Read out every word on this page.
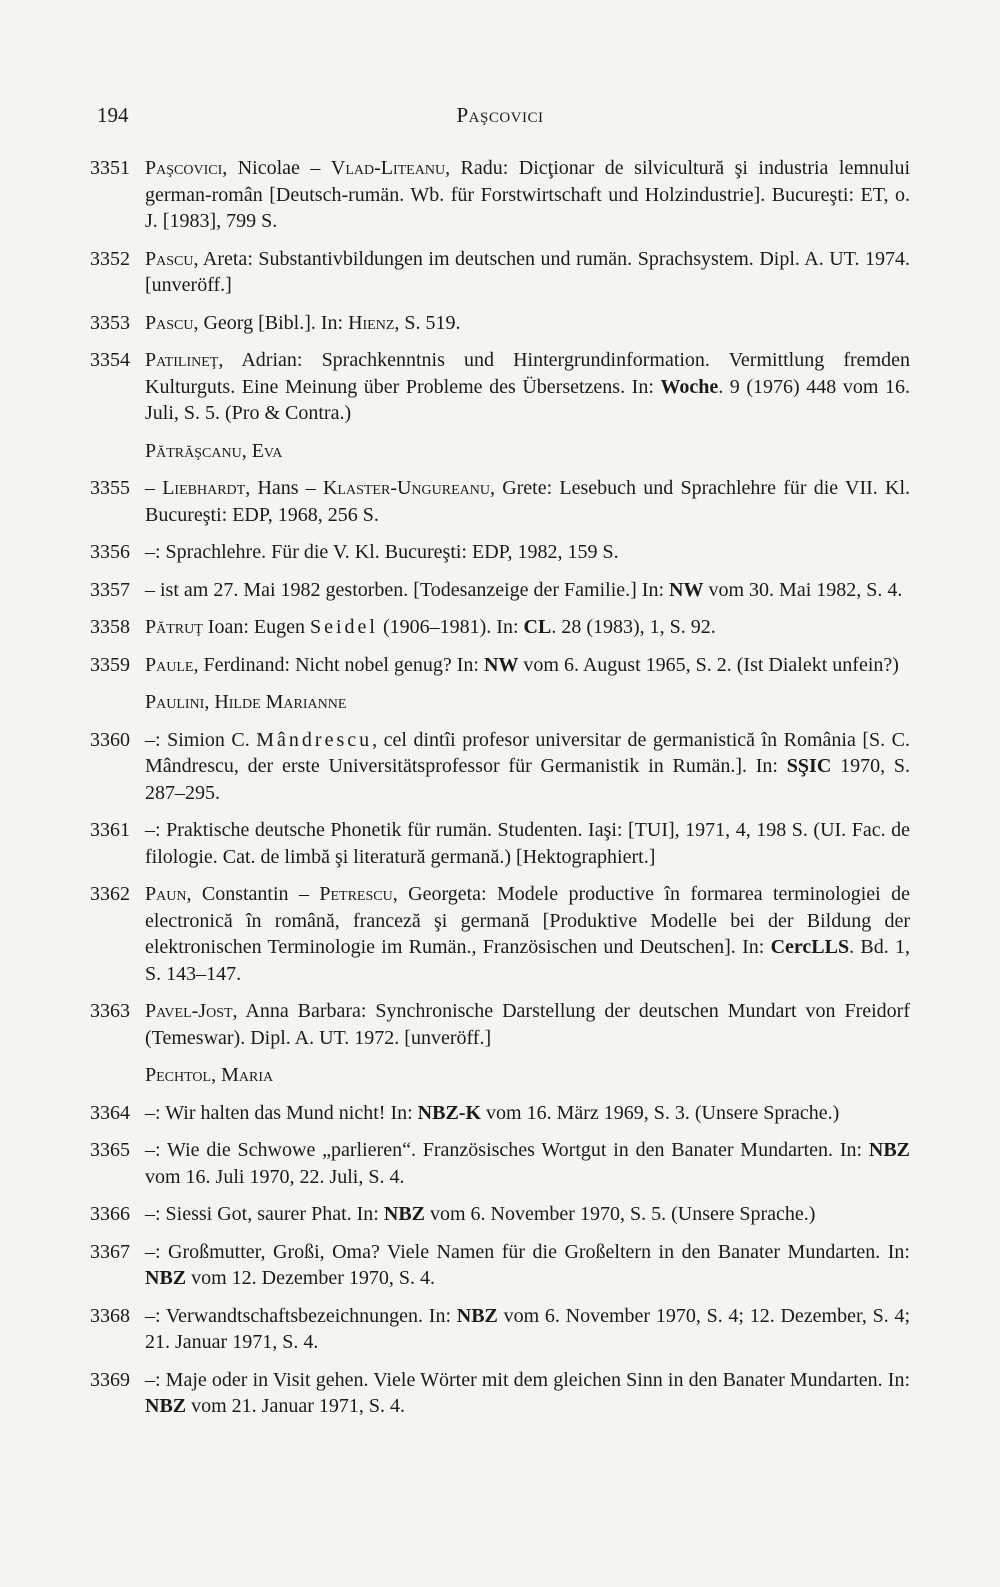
194	Paşcovici
3351 Paşcovici, Nicolae – Vlad-Liteanu, Radu: Dicţionar de silvicultură şi industria lemnului german-român [Deutsch-rumän. Wb. für Forstwirtschaft und Holzindustrie]. Bucureşti: ET, o. J. [1983], 799 S.
3352 Pascu, Areta: Substantivbildungen im deutschen und rumän. Sprachsystem. Dipl. A. UT. 1974. [unveröff.]
3353 Pascu, Georg [Bibl.]. In: Hienz, S. 519.
3354 Patilineţ, Adrian: Sprachkenntnis und Hintergrundinformation. Vermittlung fremden Kulturguts. Eine Meinung über Probleme des Übersetzens. In: Woche. 9 (1976) 448 vom 16. Juli, S. 5. (Pro & Contra.)
Pătrăşcanu, Eva
3355 – Liebhardt, Hans – Klaster-Ungureanu, Grete: Lesebuch und Sprachlehre für die VII. Kl. Bucureşti: EDP, 1968, 256 S.
3356 –: Sprachlehre. Für die V. Kl. Bucureşti: EDP, 1982, 159 S.
3357 – ist am 27. Mai 1982 gestorben. [Todesanzeige der Familie.] In: NW vom 30. Mai 1982, S. 4.
3358 Pătruţ Ioan: Eugen Seidel (1906–1981). In: CL. 28 (1983), 1, S. 92.
3359 Paule, Ferdinand: Nicht nobel genug? In: NW vom 6. August 1965, S. 2. (Ist Dialekt unfein?)
Paulini, Hilde Marianne
3360 –: Simion C. Mândrescu, cel dintîi profesor universitar de germanistică în România [S. C. Mândrescu, der erste Universitätsprofessor für Germanistik in Rumän.]. In: SŞIC 1970, S. 287–295.
3361 –: Praktische deutsche Phonetik für rumän. Studenten. Iaşi: [TUI], 1971, 4, 198 S. (UI. Fac. de filologie. Cat. de limbă şi literatură germană.) [Hektographiert.]
3362 Paun, Constantin – Petrescu, Georgeta: Modele productive în formarea terminologiei de electronică în română, franceză şi germană [Produktive Modelle bei der Bildung der elektronischen Terminologie im Rumän., Französischen und Deutschen]. In: CercLLS. Bd. 1, S. 143–147.
3363 Pavel-Jost, Anna Barbara: Synchronische Darstellung der deutschen Mundart von Freidorf (Temeswar). Dipl. A. UT. 1972. [unveröff.]
Pechtol, Maria
3364 –: Wir halten das Mund nicht! In: NBZ-K vom 16. März 1969, S. 3. (Unsere Sprache.)
3365 –: Wie die Schwowe „parlieren“. Französisches Wortgut in den Banater Mundarten. In: NBZ vom 16. Juli 1970, 22. Juli, S. 4.
3366 –: Siessi Got, saurer Phat. In: NBZ vom 6. November 1970, S. 5. (Unsere Sprache.)
3367 –: Großmutter, Großi, Oma? Viele Namen für die Großeltern in den Banater Mundarten. In: NBZ vom 12. Dezember 1970, S. 4.
3368 –: Verwandtschaftsbezeichnungen. In: NBZ vom 6. November 1970, S. 4; 12. Dezember, S. 4; 21. Januar 1971, S. 4.
3369 –: Maje oder in Visit gehen. Viele Wörter mit dem gleichen Sinn in den Banater Mundarten. In: NBZ vom 21. Januar 1971, S. 4.
